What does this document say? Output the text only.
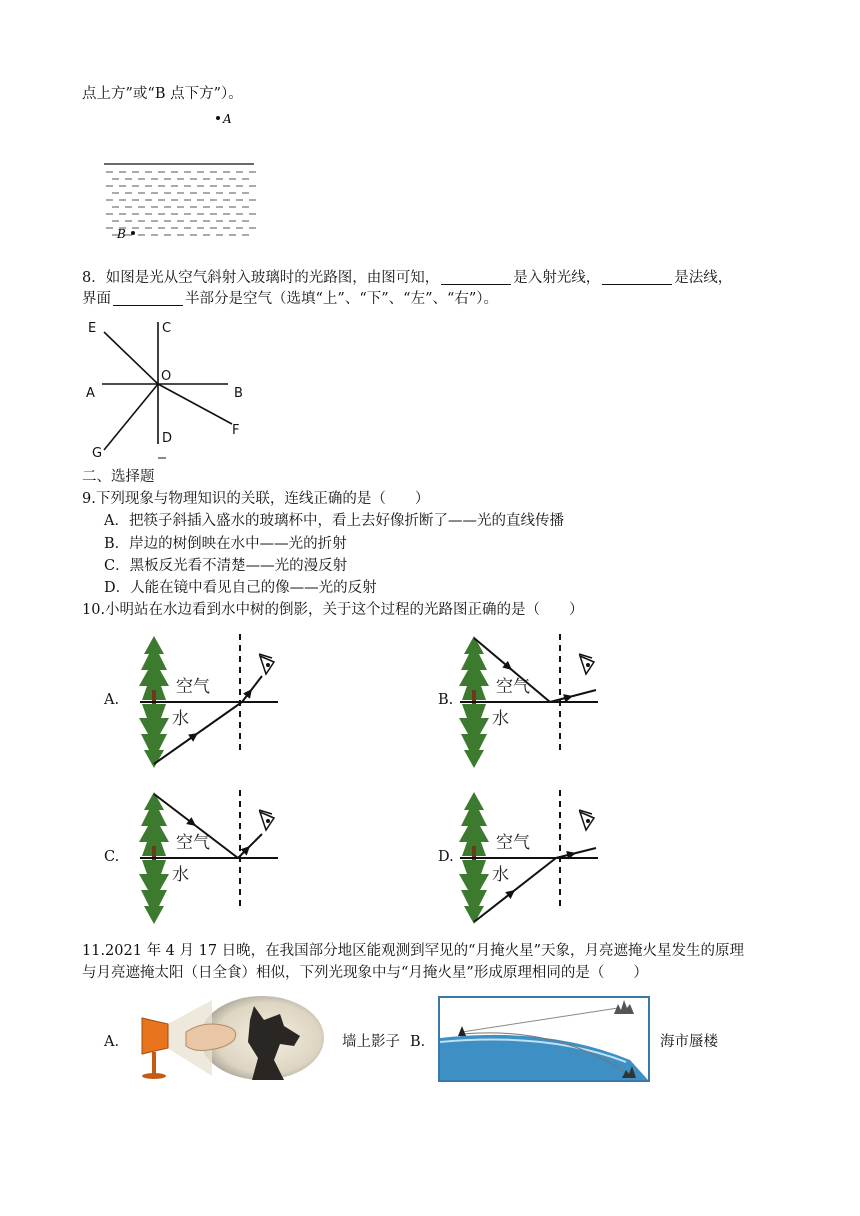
点上方”或“B 点下方”）。
A
B
8．如图是光从空气斜射入玻璃时的光路图，由图可知，	是入射光线，	是法线，
界面	半部分是空气（选填“上”、“下”、“左”、“右”）。
E	C
O
A	B
G
D
F
二、选择题
9.下列现象与物理知识的关联，连线正确的是（　　）
A．把筷子斜插入盛水的玻璃杯中，看上去好像折断了——光的直线传播
B．岸边的树倒映在水中——光的折射
C．黑板反光看不清楚——光的漫反射
D．人能在镜中看见自己的像——光的反射
10.小明站在水边看到水中树的倒影，关于这个过程的光路图正确的是（　　）
A.	B.
C.	D.
空气
水
空气
水
空气
水
空气
水
11.2021 年 4 月 17 日晚，在我国部分地区能观测到罕见的“月掩火星”天象，月亮遮掩火星发生的原理
与月亮遮掩太阳（日全食）相似，下列光现象中与“月掩火星”形成原理相同的是（　　）
A．	墙上影子 B．	海市蜃楼
